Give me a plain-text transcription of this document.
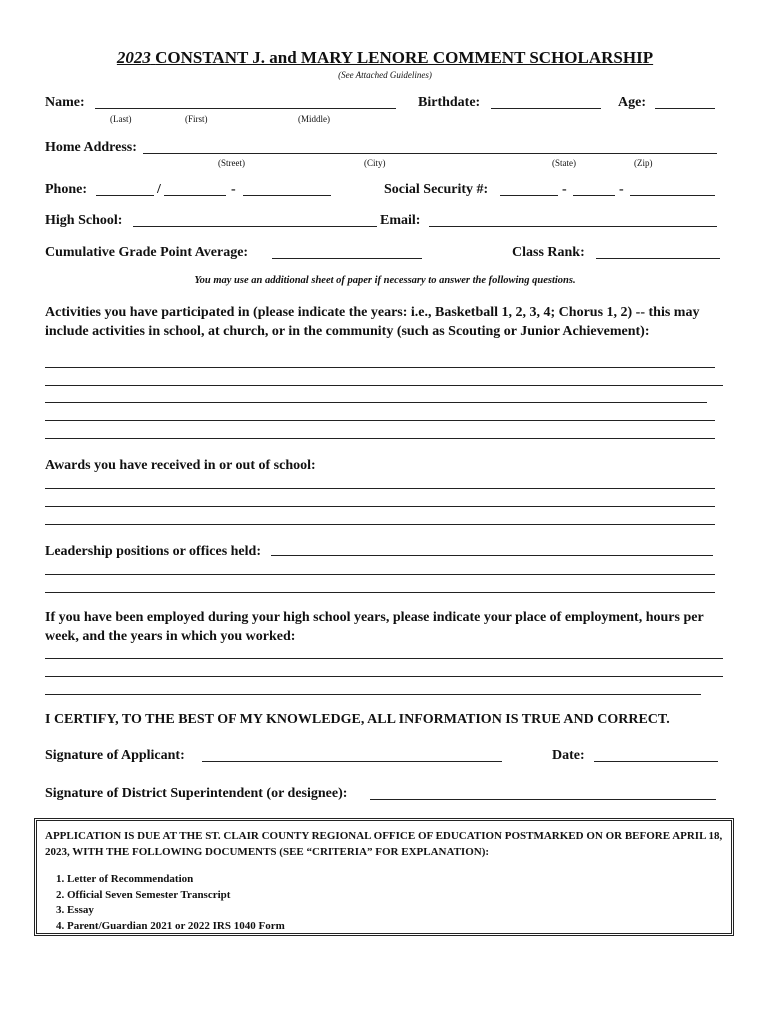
2023 CONSTANT J. and MARY LENORE COMMENT SCHOLARSHIP
(See Attached Guidelines)
Name:
(Last)	(First)	(Middle)
Birthdate:	Age:
Home Address:
(Street)	(City)	(State)	(Zip)
Phone:	/	-	Social Security #:	-	-
High School:	Email:
Cumulative Grade Point Average:	Class Rank:
You may use an additional sheet of paper if necessary to answer the following questions.
Activities you have participated in (please indicate the years: i.e., Basketball 1, 2, 3, 4; Chorus 1, 2) -- this may include activities in school, at church, or in the community (such as Scouting or Junior Achievement):
Awards you have received in or out of school:
Leadership positions or offices held:
If you have been employed during your high school years, please indicate your place of employment, hours per week, and the years in which you worked:
I CERTIFY, TO THE BEST OF MY KNOWLEDGE, ALL INFORMATION IS TRUE AND CORRECT.
Signature of Applicant:	Date:
Signature of District Superintendent (or designee):
APPLICATION IS DUE AT THE ST. CLAIR COUNTY REGIONAL OFFICE OF EDUCATION POSTMARKED ON OR BEFORE APRIL 18, 2023, WITH THE FOLLOWING DOCUMENTS (SEE “CRITERIA” FOR EXPLANATION):
1. Letter of Recommendation
2. Official Seven Semester Transcript
3. Essay
4. Parent/Guardian 2021 or 2022 IRS 1040 Form
